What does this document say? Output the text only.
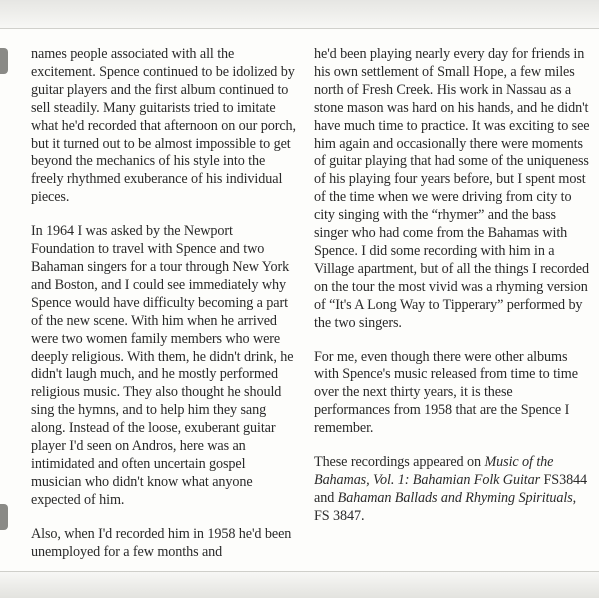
names people associated with all the excitement. Spence continued to be idolized by guitar players and the first album continued to sell steadily. Many guitarists tried to imitate what he'd recorded that afternoon on our porch, but it turned out to be almost impossible to get beyond the mechanics of his style into the freely rhythmed exuberance of his individual pieces.

In 1964 I was asked by the Newport Foundation to travel with Spence and two Bahaman singers for a tour through New York and Boston, and I could see immediately why Spence would have difficulty becoming a part of the new scene. With him when he arrived were two women family members who were deeply religious. With them, he didn't drink, he didn't laugh much, and he mostly performed religious music. They also thought he should sing the hymns, and to help him they sang along. Instead of the loose, exuberant guitar player I'd seen on Andros, here was an intimidated and often uncertain gospel musician who didn't know what anyone expected of him.

Also, when I'd recorded him in 1958 he'd been unemployed for a few months and

he'd been playing nearly every day for friends in his own settlement of Small Hope, a few miles north of Fresh Creek. His work in Nassau as a stone mason was hard on his hands, and he didn't have much time to practice. It was exciting to see him again and occasionally there were moments of guitar playing that had some of the uniqueness of his playing four years before, but I spent most of the time when we were driving from city to city singing with the “rhymer” and the bass singer who had come from the Bahamas with Spence. I did some recording with him in a Village apartment, but of all the things I recorded on the tour the most vivid was a rhyming version of “It's A Long Way to Tipperary” performed by the two singers.

For me, even though there were other albums with Spence's music released from time to time over the next thirty years, it is these performances from 1958 that are the Spence I remember.

These recordings appeared on Music of the Bahamas, Vol. 1: Bahamian Folk Guitar FS3844 and Bahaman Ballads and Rhyming Spirituals, FS 3847.
